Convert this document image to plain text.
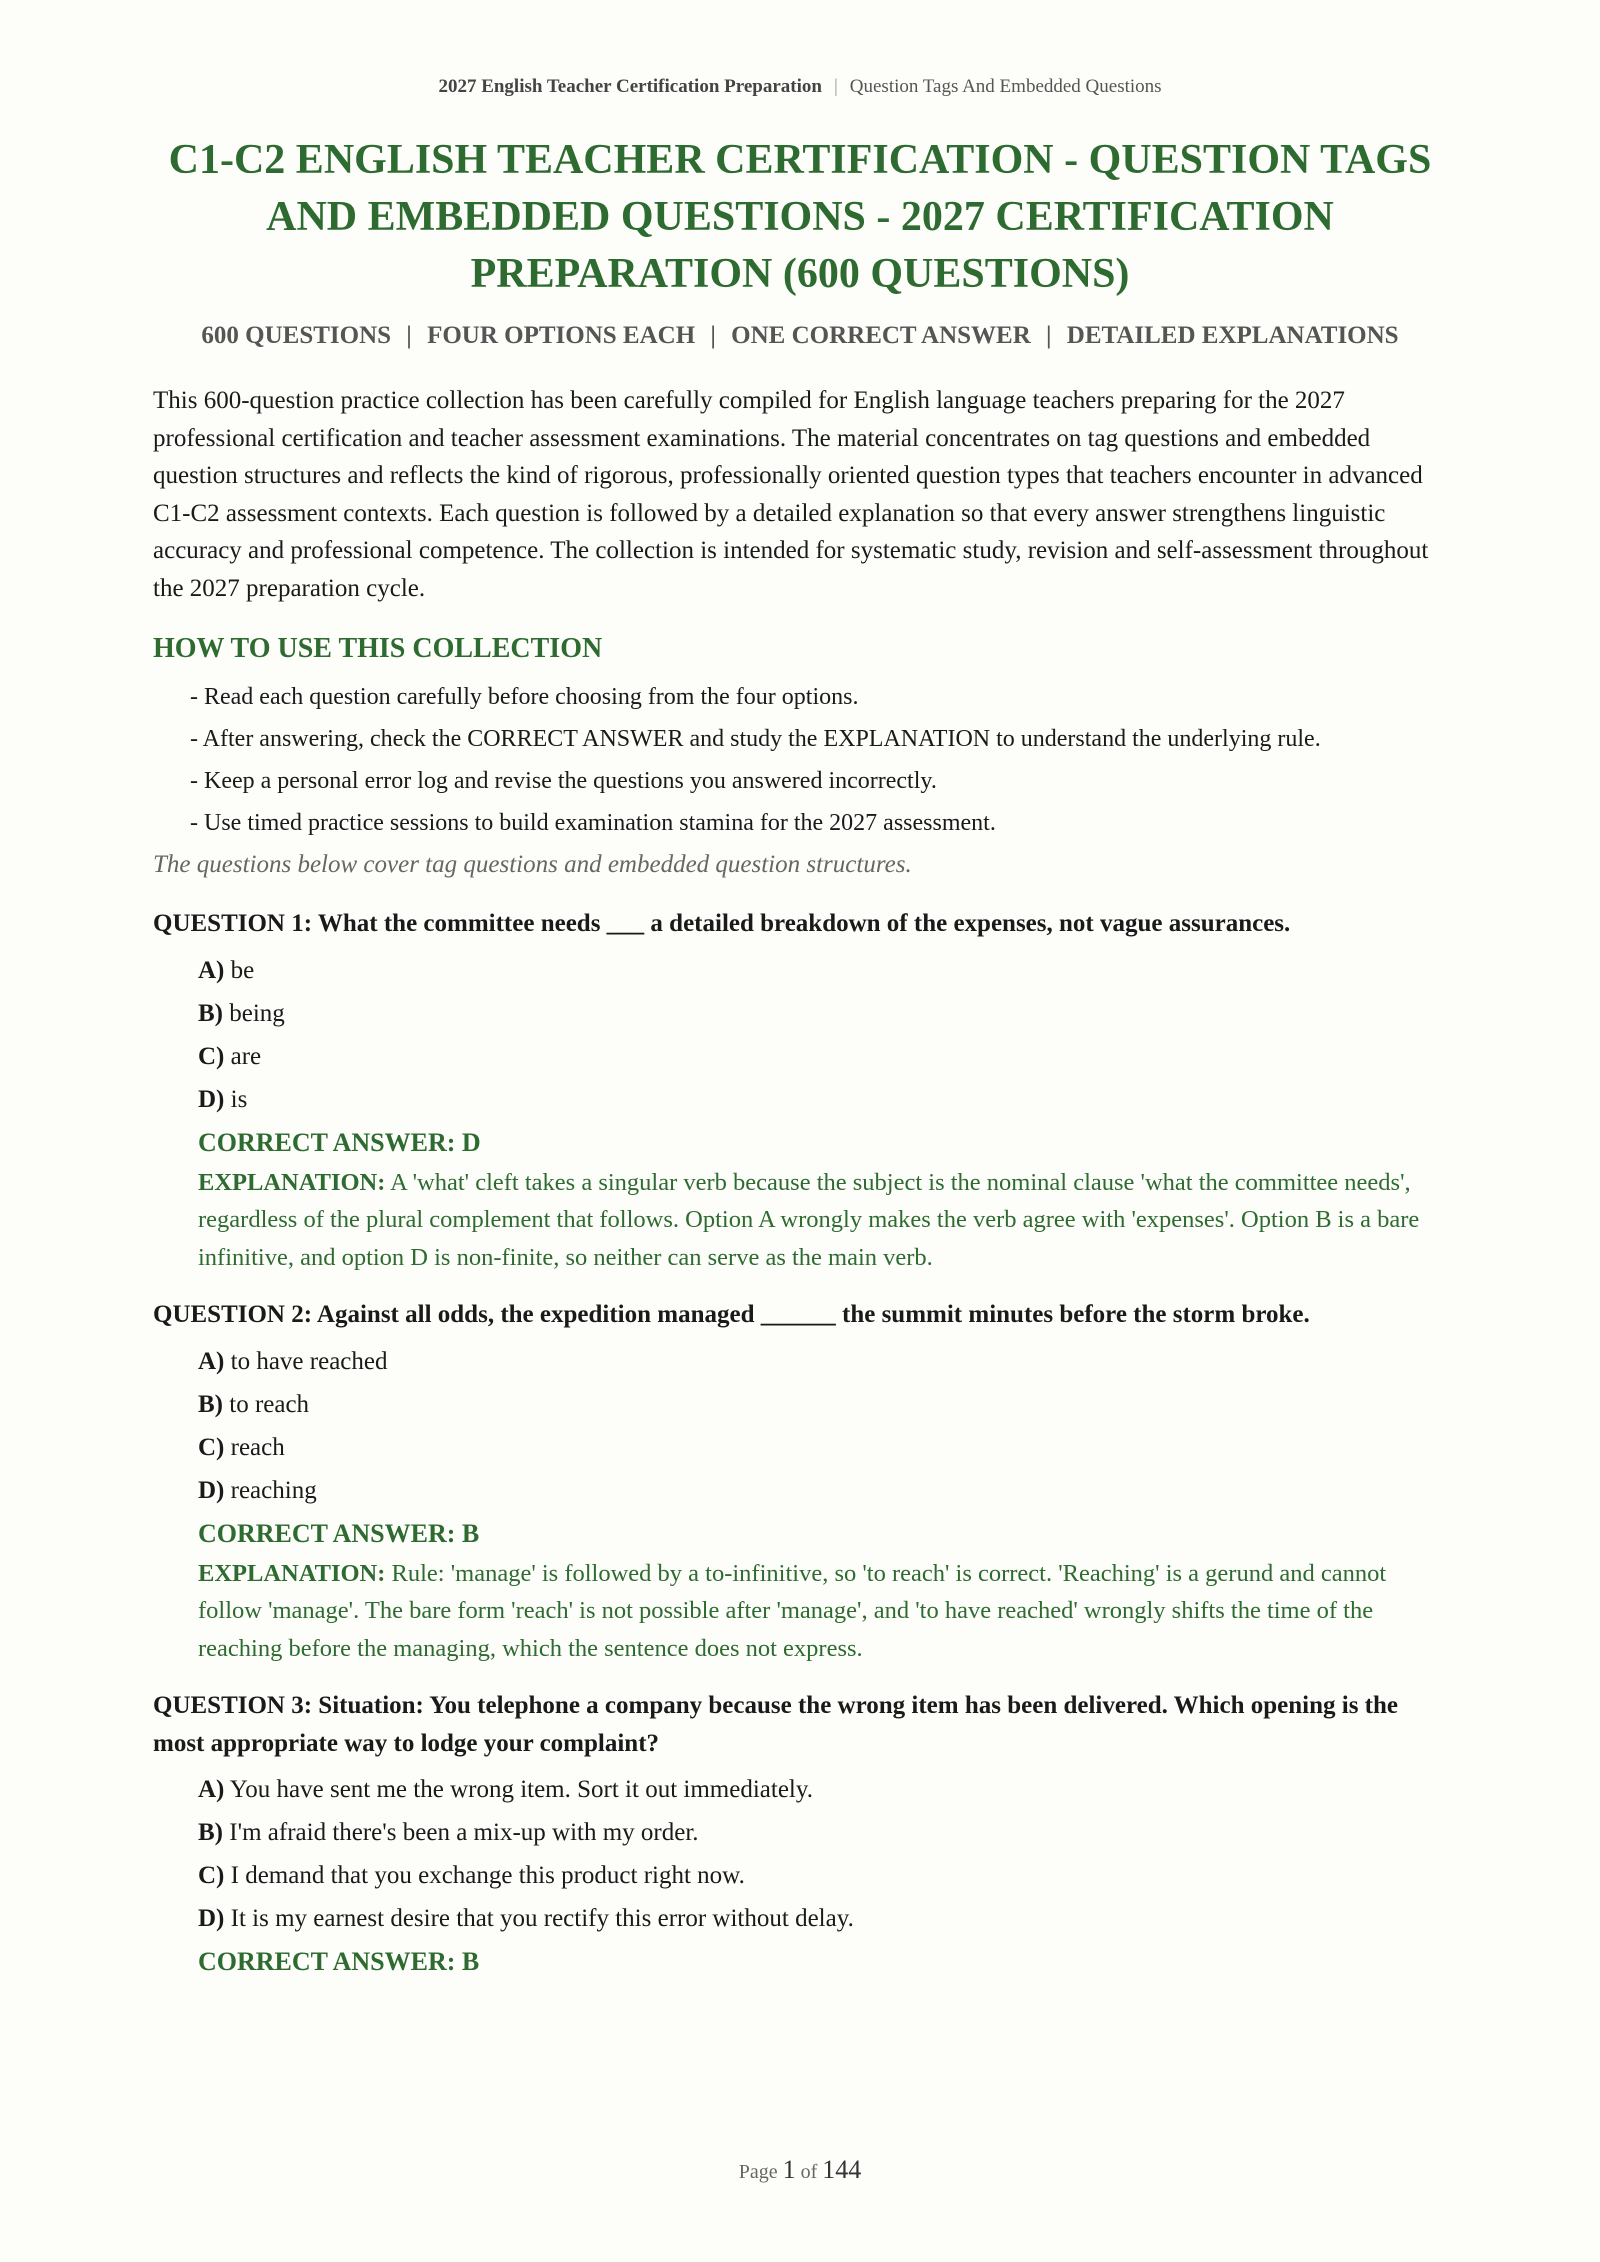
2027 English Teacher Certification Preparation | Question Tags And Embedded Questions
C1-C2 ENGLISH TEACHER CERTIFICATION - QUESTION TAGS AND EMBEDDED QUESTIONS - 2027 CERTIFICATION PREPARATION (600 QUESTIONS)
600 QUESTIONS | FOUR OPTIONS EACH | ONE CORRECT ANSWER | DETAILED EXPLANATIONS

This 600-question practice collection has been carefully compiled for English language teachers preparing for the 2027 professional certification and teacher assessment examinations. The material concentrates on tag questions and embedded question structures and reflects the kind of rigorous, professionally oriented question types that teachers encounter in advanced C1-C2 assessment contexts. Each question is followed by a detailed explanation so that every answer strengthens linguistic accuracy and professional competence. The collection is intended for systematic study, revision and self-assessment throughout the 2027 preparation cycle.

HOW TO USE THIS COLLECTION
- Read each question carefully before choosing from the four options.
- After answering, check the CORRECT ANSWER and study the EXPLANATION to understand the underlying rule.
- Keep a personal error log and revise the questions you answered incorrectly.
- Use timed practice sessions to build examination stamina for the 2027 assessment.

The questions below cover tag questions and embedded question structures.

QUESTION 1: What the committee needs ___ a detailed breakdown of the expenses, not vague assurances.
A) be
B) being
C) are
D) is
CORRECT ANSWER: D
EXPLANATION: A 'what' cleft takes a singular verb because the subject is the nominal clause 'what the committee needs', regardless of the plural complement that follows. Option A wrongly makes the verb agree with 'expenses'. Option B is a bare infinitive, and option D is non-finite, so neither can serve as the main verb.
QUESTION 2: Against all odds, the expedition managed ______ the summit minutes before the storm broke.
A) to have reached
B) to reach
C) reach
D) reaching
CORRECT ANSWER: B
EXPLANATION: Rule: 'manage' is followed by a to-infinitive, so 'to reach' is correct. 'Reaching' is a gerund and cannot follow 'manage'. The bare form 'reach' is not possible after 'manage', and 'to have reached' wrongly shifts the time of the reaching before the managing, which the sentence does not express.
QUESTION 3: Situation: You telephone a company because the wrong item has been delivered. Which opening is the most appropriate way to lodge your complaint?
A) You have sent me the wrong item. Sort it out immediately.
B) I'm afraid there's been a mix-up with my order.
C) I demand that you exchange this product right now.
D) It is my earnest desire that you rectify this error without delay.
CORRECT ANSWER: B
Page 1 of 144
